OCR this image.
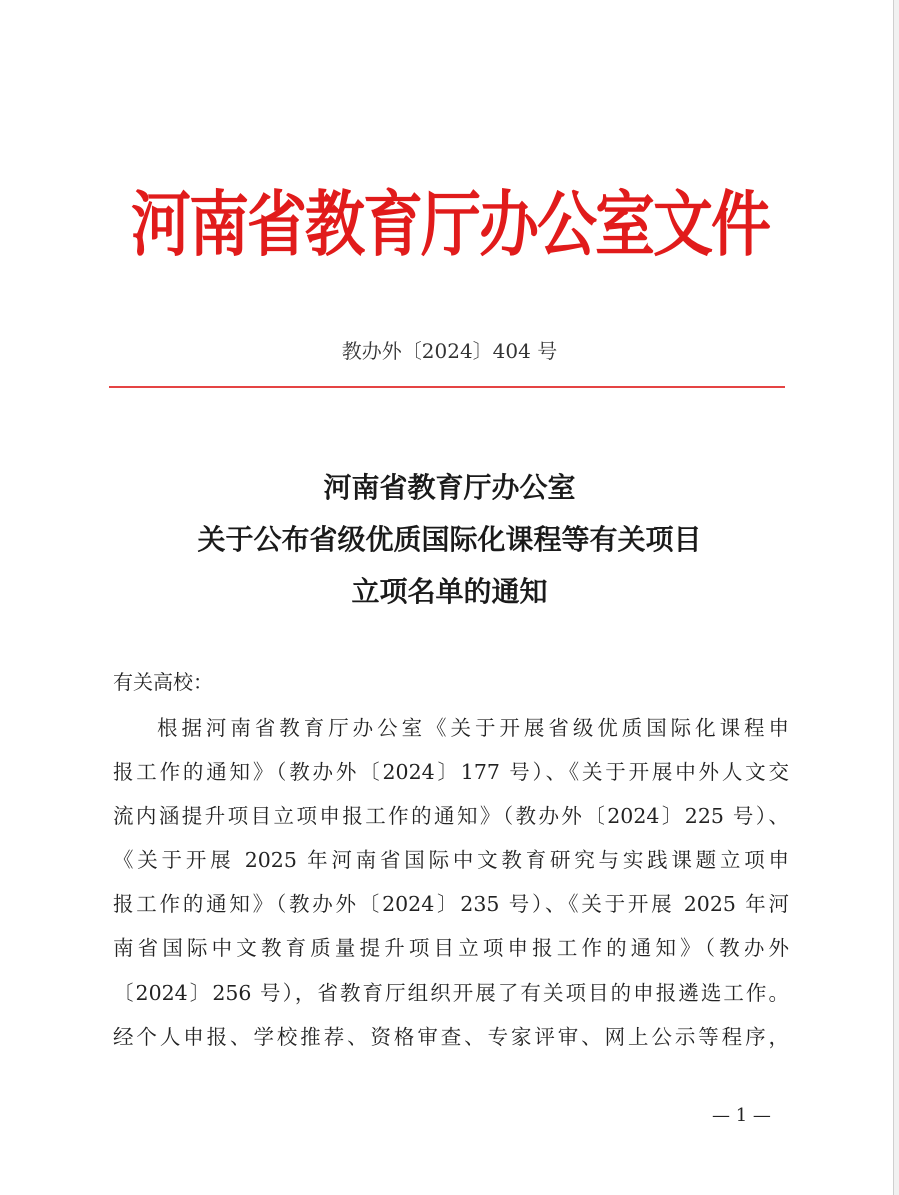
河南省教育厅办公室文件
教办外〔2024〕404 号
河南省教育厅办公室
关于公布省级优质国际化课程等有关项目
立项名单的通知
有关高校：
根据河南省教育厅办公室《关于开展省级优质国际化课程申
报工作的通知》（教办外〔2024〕177 号）、《关于开展中外人文交
流内涵提升项目立项申报工作的通知》（教办外〔2024〕225 号）、
《关于开展 2025 年河南省国际中文教育研究与实践课题立项申
报工作的通知》（教办外〔2024〕235 号）、《关于开展 2025 年河
南省国际中文教育质量提升项目立项申报工作的通知》（教办外
〔2024〕256 号），省教育厅组织开展了有关项目的申报遴选工作。
经个人申报、学校推荐、资格审查、专家评审、网上公示等程序，
— 1 —
